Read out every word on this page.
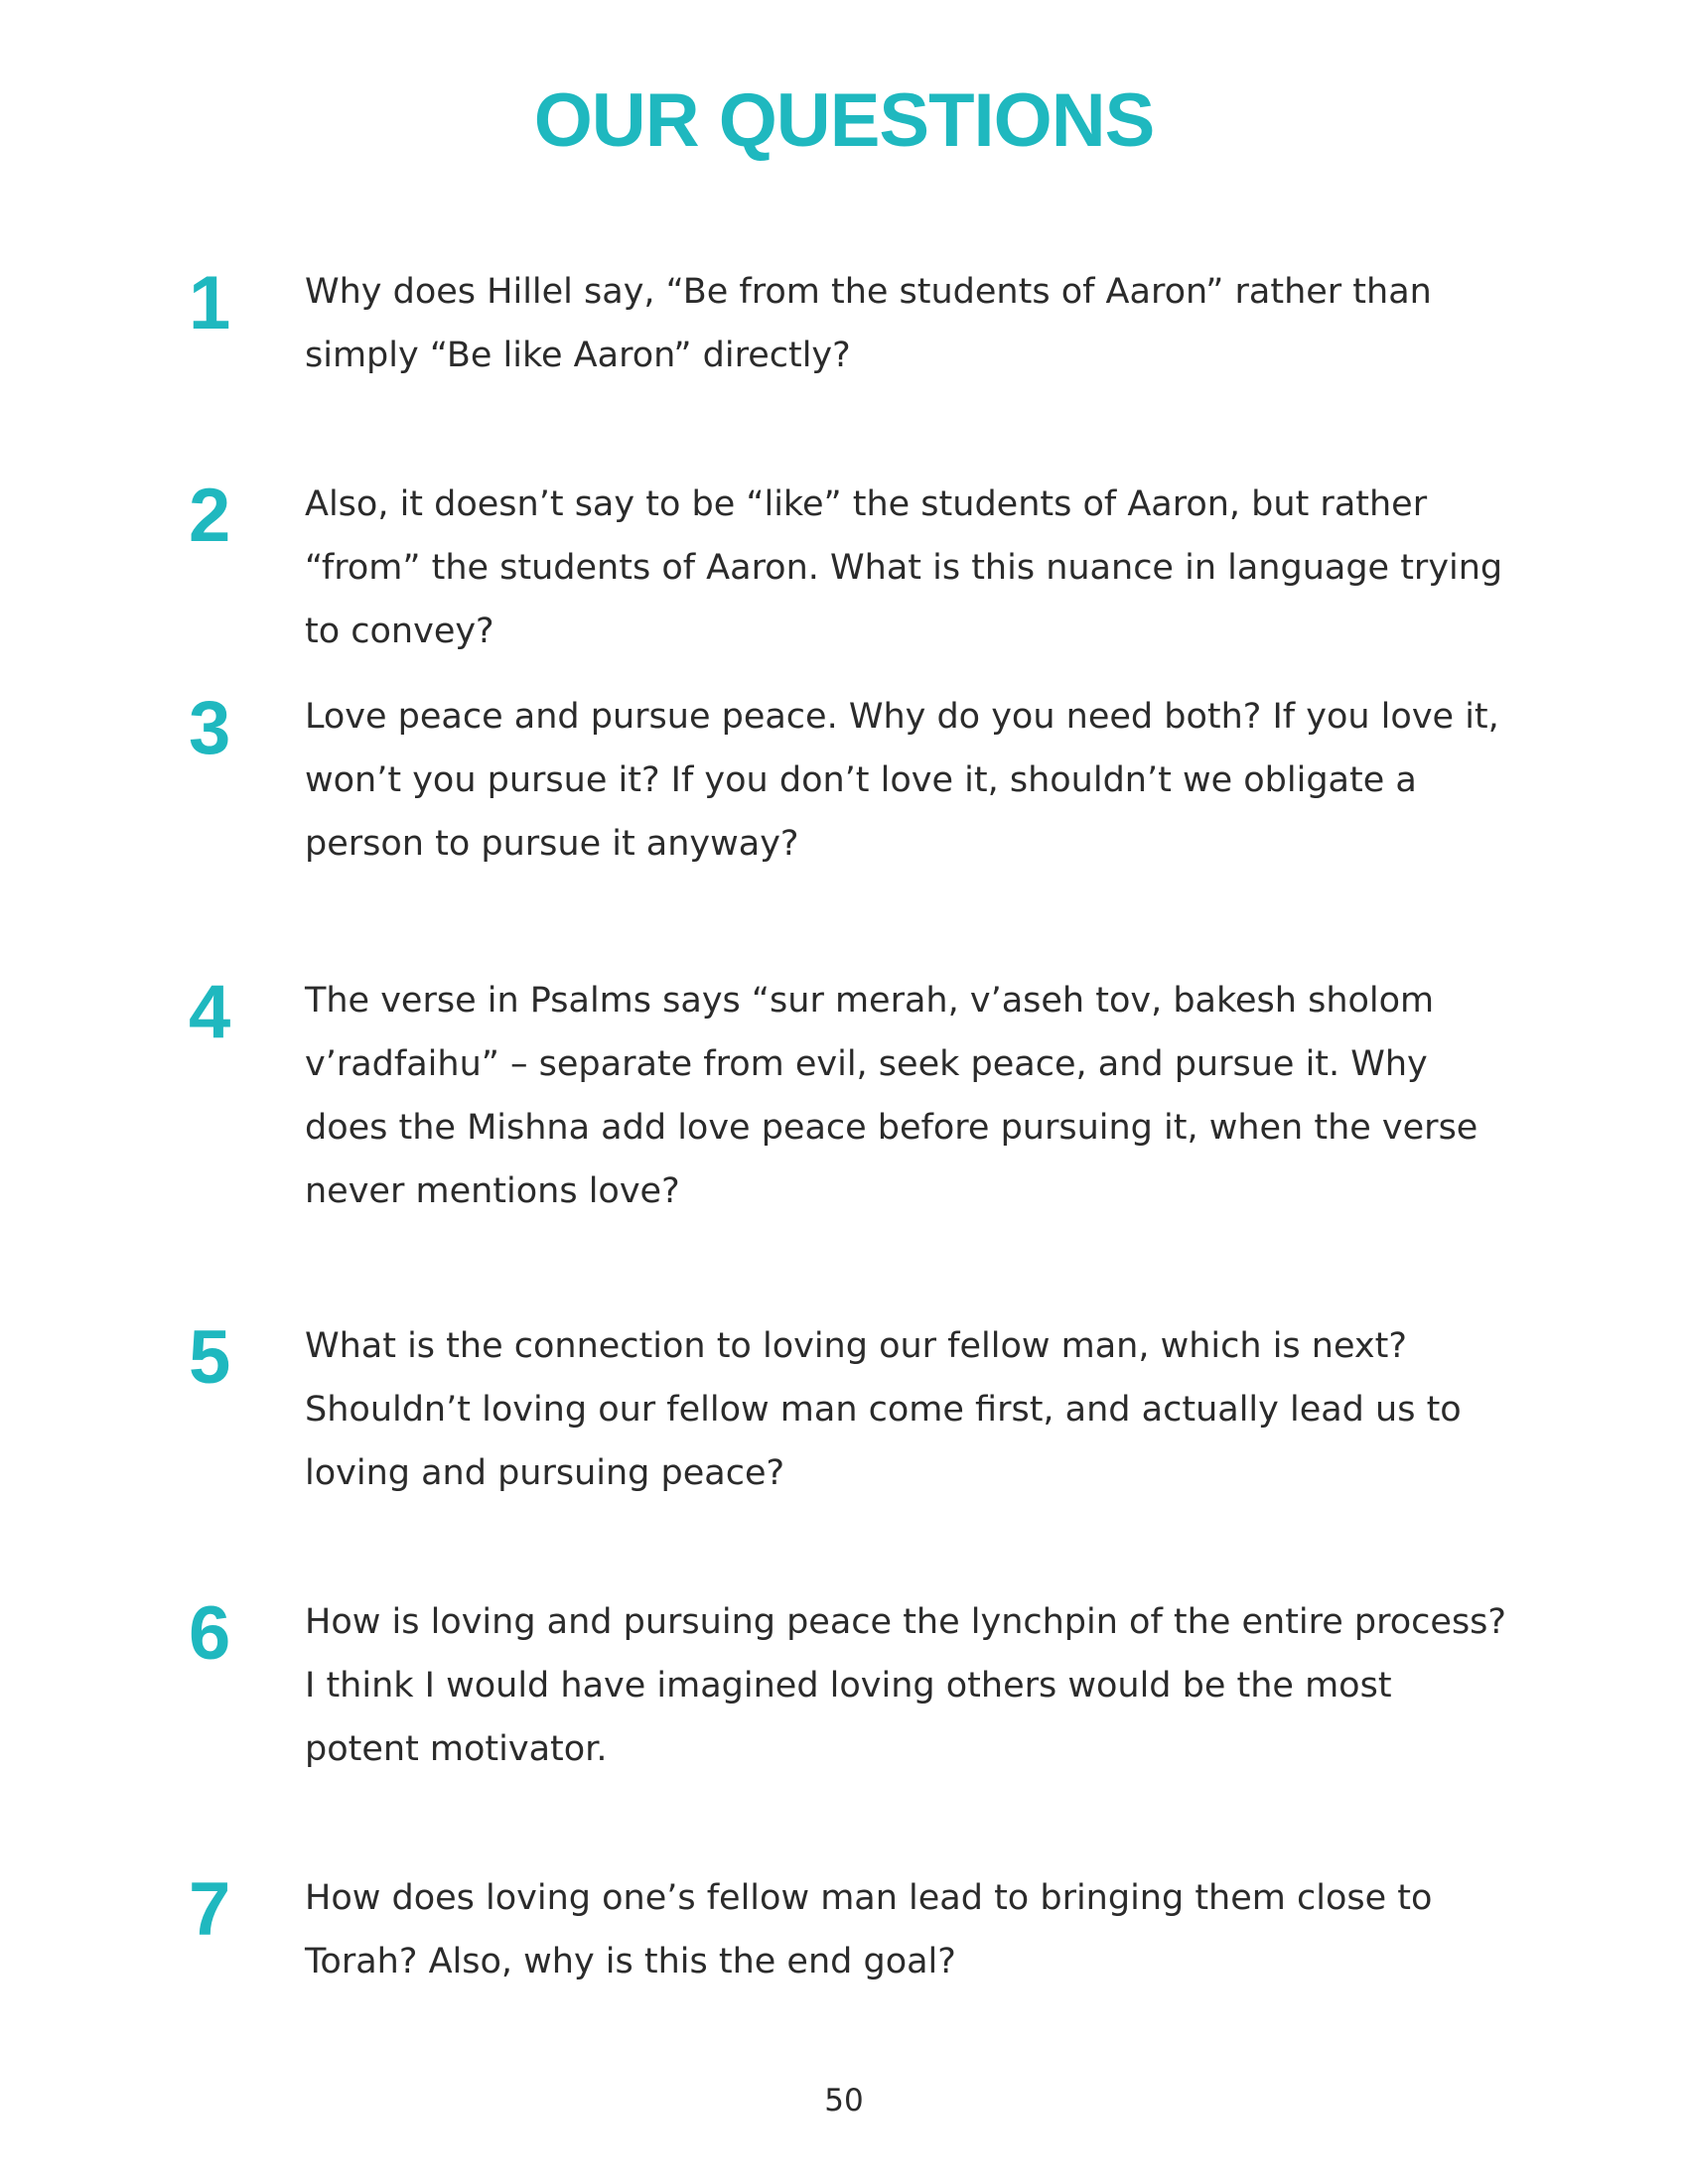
OUR QUESTIONS
1 Why does Hillel say, “Be from the students of Aaron” rather than simply “Be like Aaron” directly?

2 Also, it doesn’t say to be “like” the students of Aaron, but rather “from” the students of Aaron. What is this nuance in language trying to convey?

3 Love peace and pursue peace. Why do you need both? If you love it, won’t you pursue it? If you don’t love it, shouldn’t we obligate a person to pursue it anyway?

4 The verse in Psalms says “sur merah, v’aseh tov, bakesh sholom v’radfaihu” – separate from evil, seek peace, and pursue it. Why does the Mishna add love peace before pursuing it, when the verse never mentions love?

5 What is the connection to loving our fellow man, which is next? Shouldn’t loving our fellow man come first, and actually lead us to loving and pursuing peace?

6 How is loving and pursuing peace the lynchpin of the entire process? I think I would have imagined loving others would be the most potent motivator.

7 How does loving one’s fellow man lead to bringing them close to Torah? Also, why is this the end goal?

50
